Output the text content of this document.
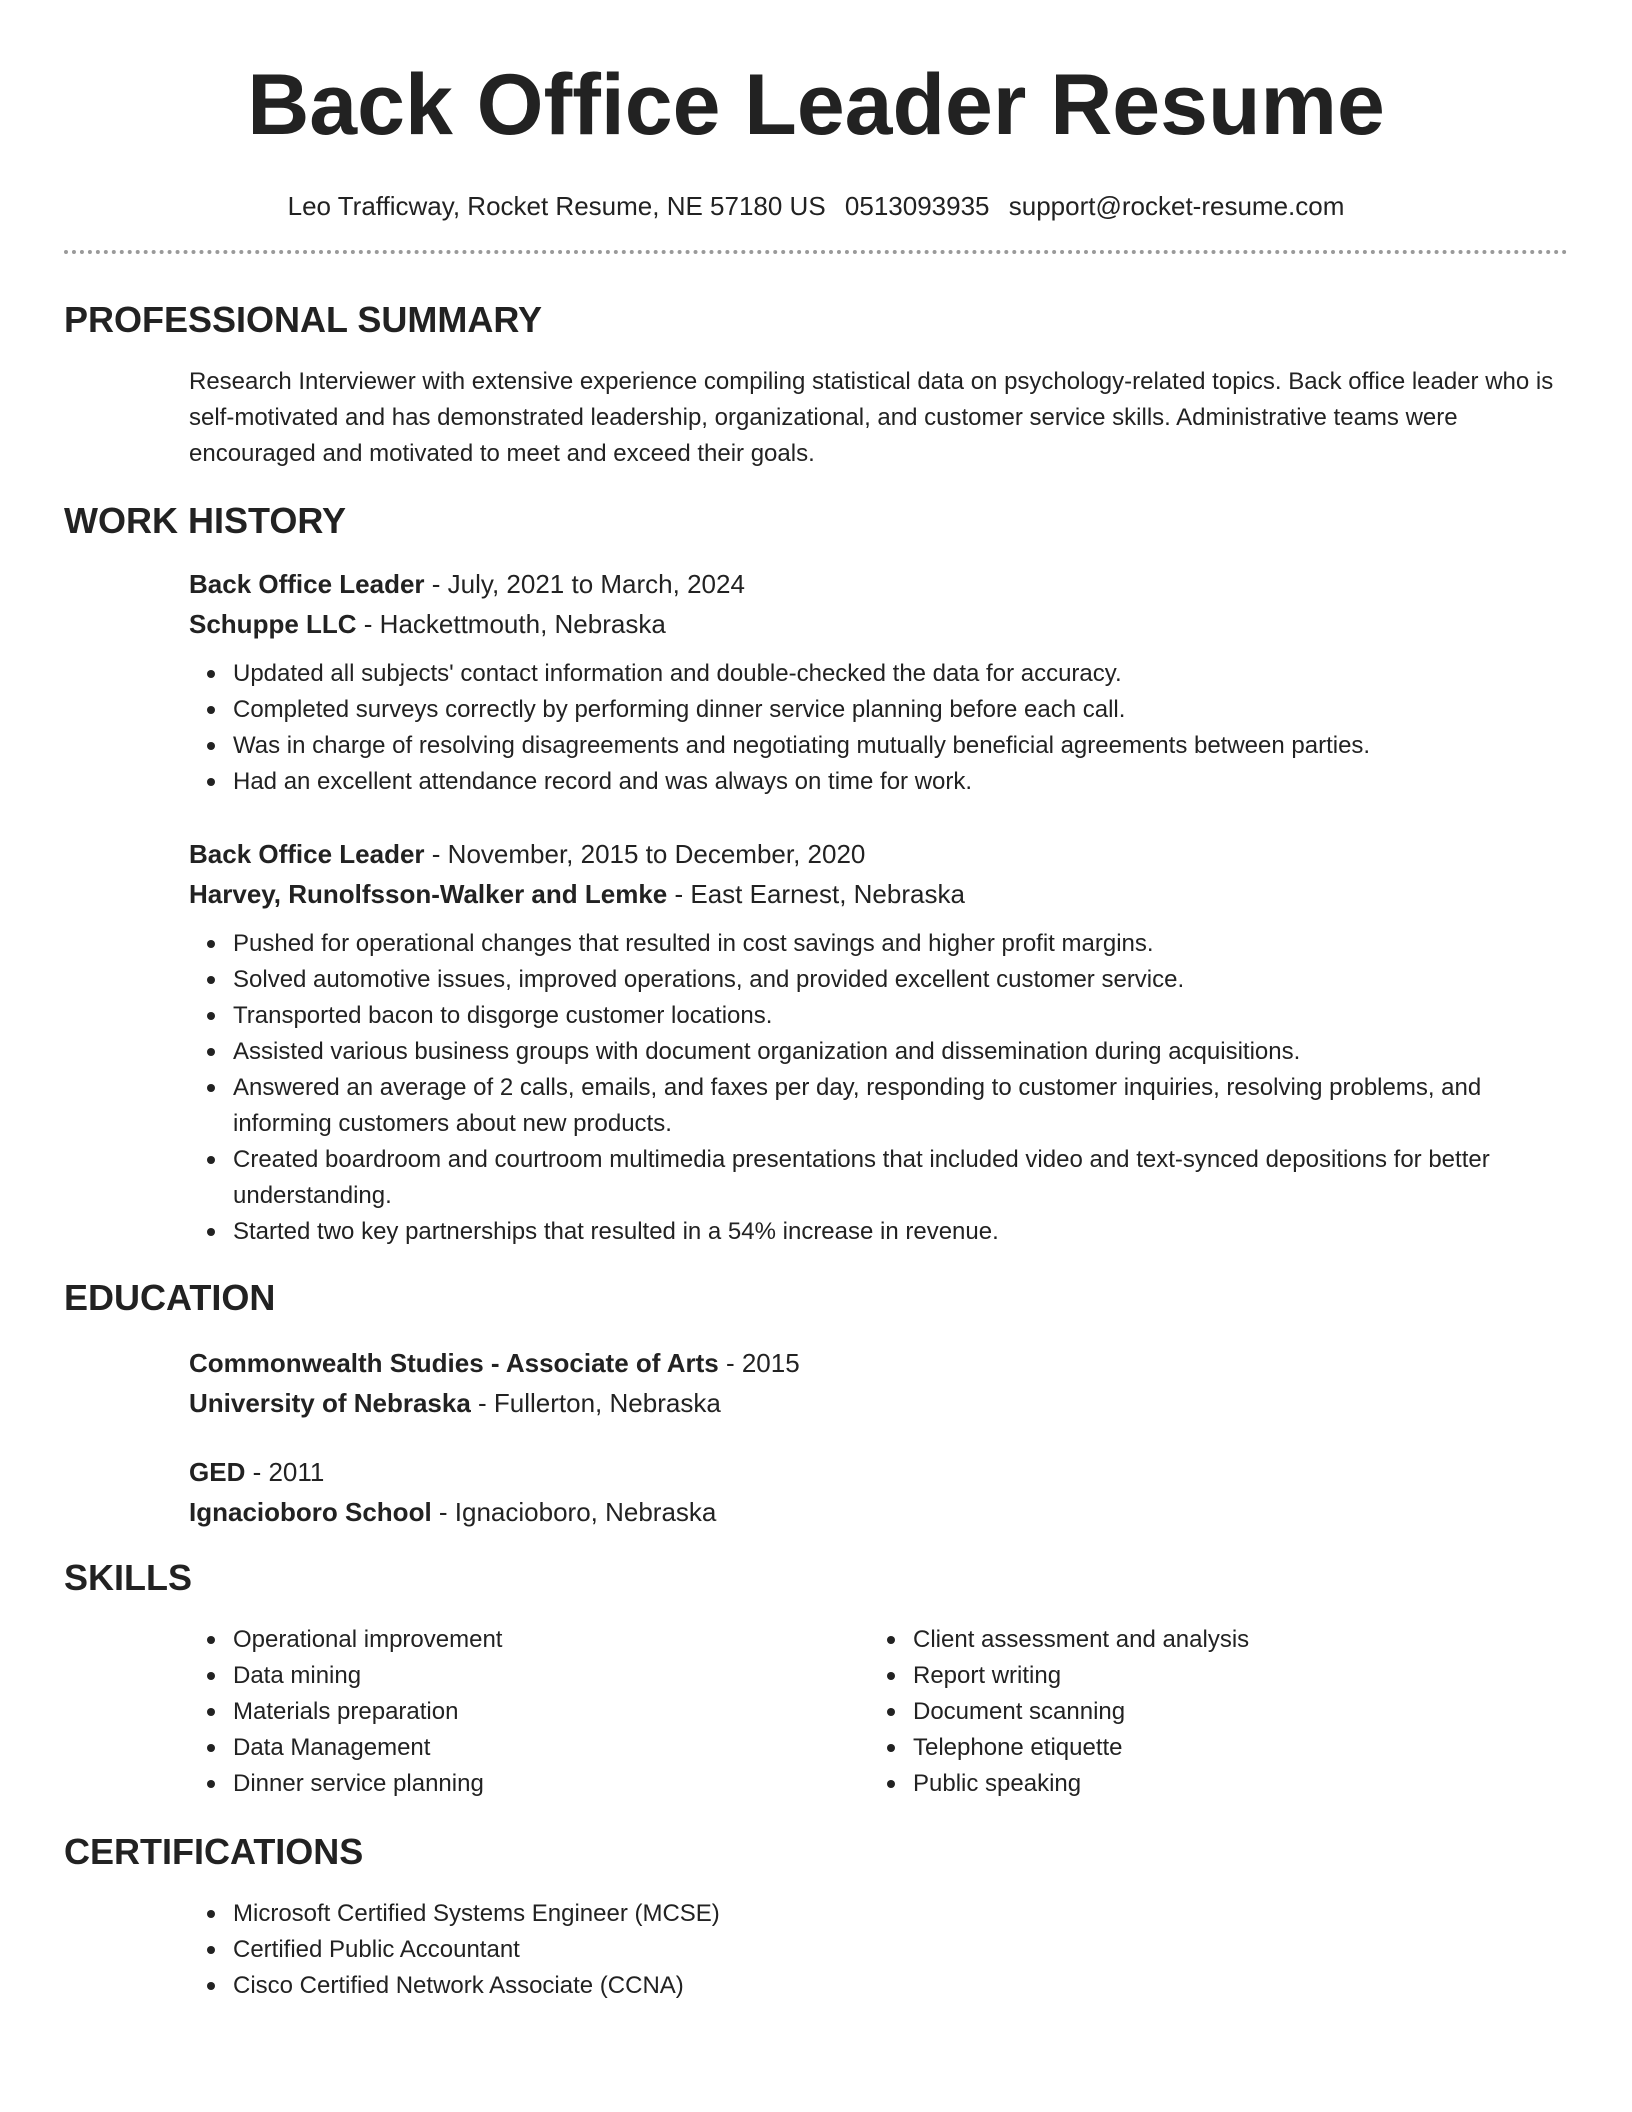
Back Office Leader Resume
Leo Trafficway, Rocket Resume, NE 57180 US 0513093935 support@rocket-resume.com
PROFESSIONAL SUMMARY

Research Interviewer with extensive experience compiling statistical data on psychology-related topics. Back office leader who is self-motivated and has demonstrated leadership, organizational, and customer service skills. Administrative teams were encouraged and motivated to meet and exceed their goals.

WORK HISTORY

Back Office Leader - July, 2021 to March, 2024

Schuppe LLC - Hackettmouth, Nebraska

Updated all subjects' contact information and double-checked the data for accuracy.
Completed surveys correctly by performing dinner service planning before each call.
Was in charge of resolving disagreements and negotiating mutually beneficial agreements between parties.
Had an excellent attendance record and was always on time for work.

Back Office Leader - November, 2015 to December, 2020

Harvey, Runolfsson-Walker and Lemke - East Earnest, Nebraska

Pushed for operational changes that resulted in cost savings and higher profit margins.
Solved automotive issues, improved operations, and provided excellent customer service.
Transported bacon to disgorge customer locations.
Assisted various business groups with document organization and dissemination during acquisitions.
Answered an average of 2 calls, emails, and faxes per day, responding to customer inquiries, resolving problems, and informing customers about new products.
Created boardroom and courtroom multimedia presentations that included video and text-synced depositions for better understanding.
Started two key partnerships that resulted in a 54% increase in revenue.
EDUCATION

Commonwealth Studies - Associate of Arts - 2015

University of Nebraska - Fullerton, Nebraska

GED - 2011

Ignacioboro School - Ignacioboro, Nebraska

SKILLS
Operational improvement
Data mining
Materials preparation
Data Management
Dinner service planning
Client assessment and analysis
Report writing
Document scanning
Telephone etiquette
Public speaking
CERTIFICATIONS
Microsoft Certified Systems Engineer (MCSE)
Certified Public Accountant
Cisco Certified Network Associate (CCNA)
